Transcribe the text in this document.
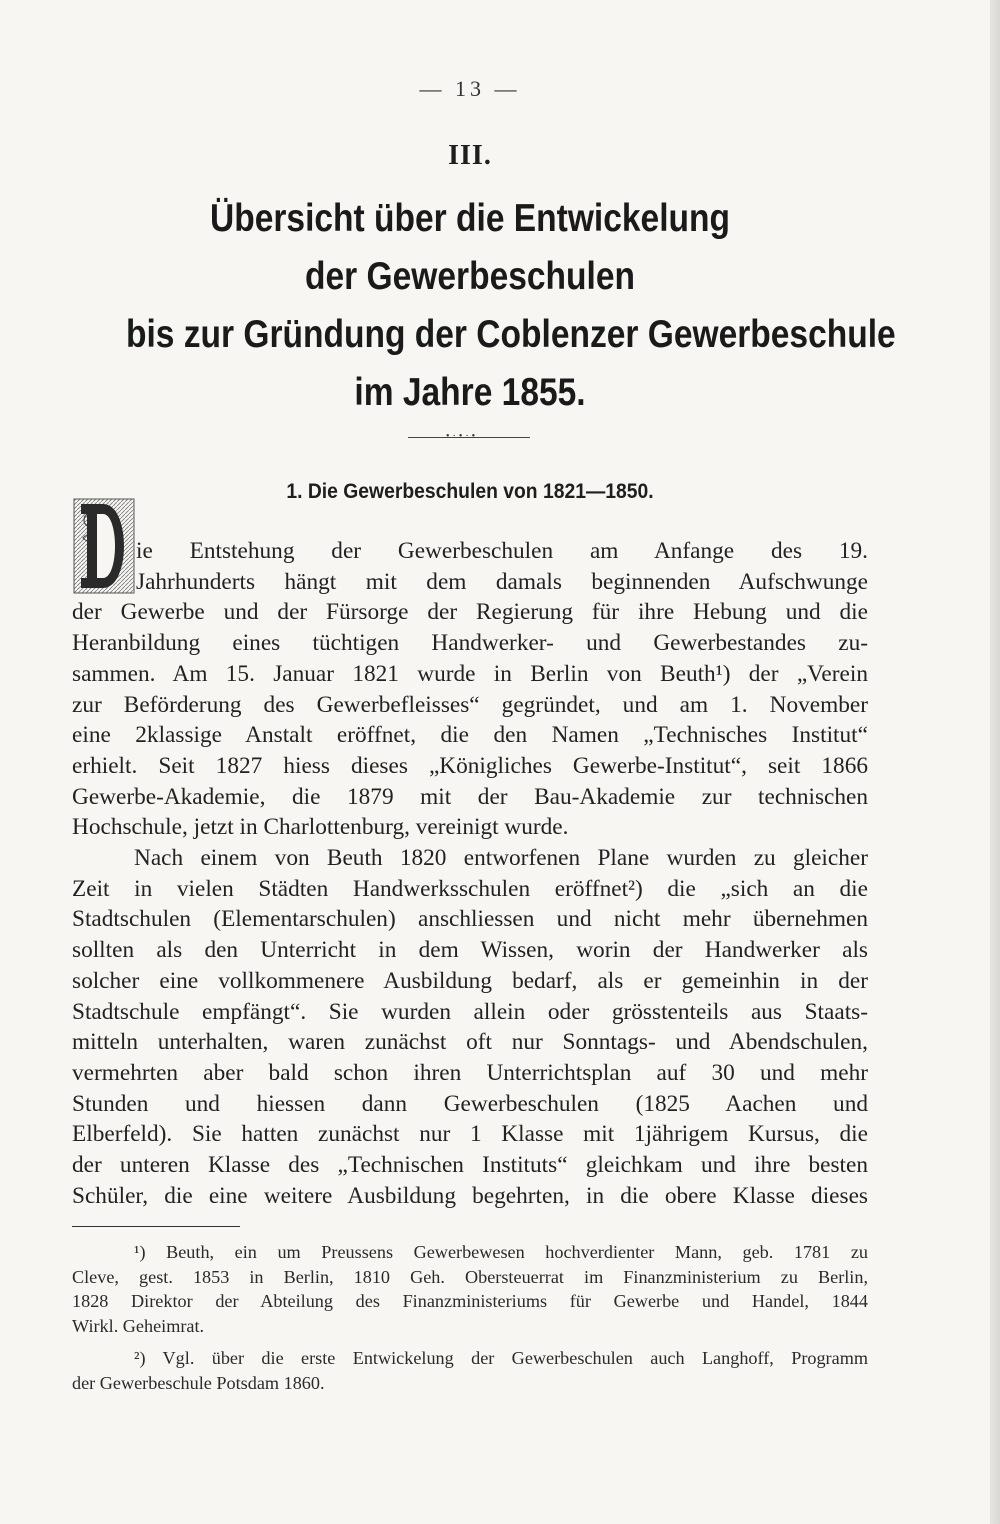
— 13 —
III.
Übersicht über die Entwickelung
der Gewerbeschulen
bis zur Gründung der Coblenzer Gewerbeschule
im Jahre 1855.
•·•·•
1. Die Gewerbeschulen von 1821—1850.

ie Entstehung der Gewerbeschulen am Anfange des 19.
Jahrhunderts hängt mit dem damals beginnenden Aufschwunge
der Gewerbe und der Fürsorge der Regierung für ihre Hebung und die
Heranbildung eines tüchtigen Handwerker- und Gewerbestandes zu-
sammen. Am 15. Januar 1821 wurde in Berlin von Beuth¹) der „Verein
zur Beförderung des Gewerbefleisses“ gegründet, und am 1. November
eine 2klassige Anstalt eröffnet, die den Namen „Technisches Institut“
erhielt. Seit 1827 hiess dieses „Königliches Gewerbe-Institut“, seit 1866
Gewerbe-Akademie, die 1879 mit der Bau-Akademie zur technischen
Hochschule, jetzt in Charlottenburg, vereinigt wurde.

Nach einem von Beuth 1820 entworfenen Plane wurden zu gleicher
Zeit in vielen Städten Handwerksschulen eröffnet²) die „sich an die
Stadtschulen (Elementarschulen) anschliessen und nicht mehr übernehmen
sollten als den Unterricht in dem Wissen, worin der Handwerker als
solcher eine vollkommenere Ausbildung bedarf, als er gemeinhin in der
Stadtschule empfängt“. Sie wurden allein oder grösstenteils aus Staats-
mitteln unterhalten, waren zunächst oft nur Sonntags- und Abendschulen,
vermehrten aber bald schon ihren Unterrichtsplan auf 30 und mehr
Stunden und hiessen dann Gewerbeschulen (1825 Aachen und
Elberfeld). Sie hatten zunächst nur 1 Klasse mit 1jährigem Kursus, die
der unteren Klasse des „Technischen Instituts“ gleichkam und ihre besten
Schüler, die eine weitere Ausbildung begehrten, in die obere Klasse dieses

¹) Beuth, ein um Preussens Gewerbewesen hochverdienter Mann, geb. 1781 zu
Cleve, gest. 1853 in Berlin, 1810 Geh. Obersteuerrat im Finanzministerium zu Berlin,
1828 Direktor der Abteilung des Finanzministeriums für Gewerbe und Handel, 1844
Wirkl. Geheimrat.
²) Vgl. über die erste Entwickelung der Gewerbeschulen auch Langhoff, Programm
der Gewerbeschule Potsdam 1860.
